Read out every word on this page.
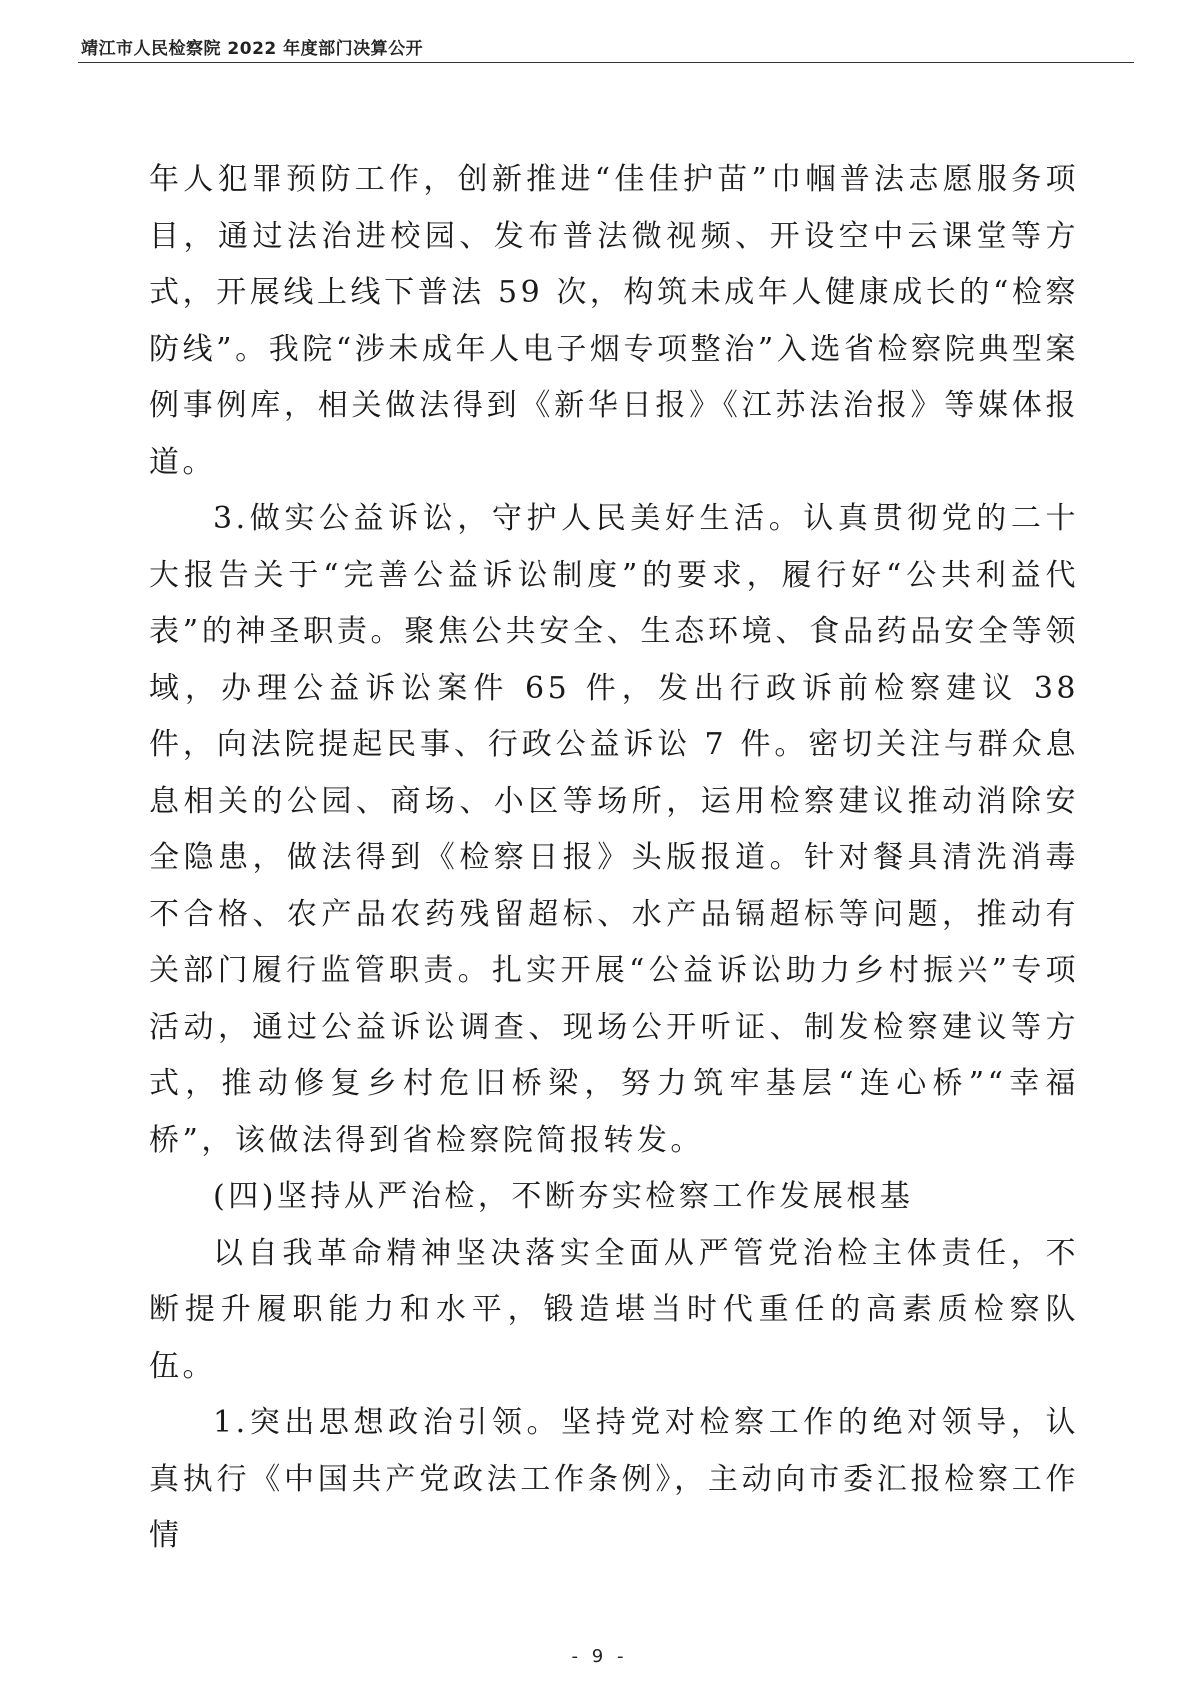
靖江市人民检察院 2022 年度部门决算公开

年人犯罪预防工作，创新推进“佳佳护苗”巾帼普法志愿服务项目，通过法治进校园、发布普法微视频、开设空中云课堂等方式，开展线上线下普法 59 次，构筑未成年人健康成长的“检察防线”。我院“涉未成年人电子烟专项整治”入选省检察院典型案例事例库，相关做法得到《新华日报》《江苏法治报》等媒体报道。

3.做实公益诉讼，守护人民美好生活。认真贯彻党的二十大报告关于“完善公益诉讼制度”的要求，履行好“公共利益代表”的神圣职责。聚焦公共安全、生态环境、食品药品安全等领域，办理公益诉讼案件 65 件，发出行政诉前检察建议 38 件，向法院提起民事、行政公益诉讼 7 件。密切关注与群众息息相关的公园、商场、小区等场所，运用检察建议推动消除安全隐患，做法得到《检察日报》头版报道。针对餐具清洗消毒不合格、农产品农药残留超标、水产品镉超标等问题，推动有关部门履行监管职责。扎实开展“公益诉讼助力乡村振兴”专项活动，通过公益诉讼调查、现场公开听证、制发检察建议等方式，推动修复乡村危旧桥梁，努力筑牢基层“连心桥”“幸福桥”，该做法得到省检察院简报转发。

(四)坚持从严治检，不断夯实检察工作发展根基

以自我革命精神坚决落实全面从严管党治检主体责任，不断提升履职能力和水平，锻造堪当时代重任的高素质检察队伍。

1.突出思想政治引领。坚持党对检察工作的绝对领导，认真执行《中国共产党政法工作条例》，主动向市委汇报检察工作情

- 9 -
